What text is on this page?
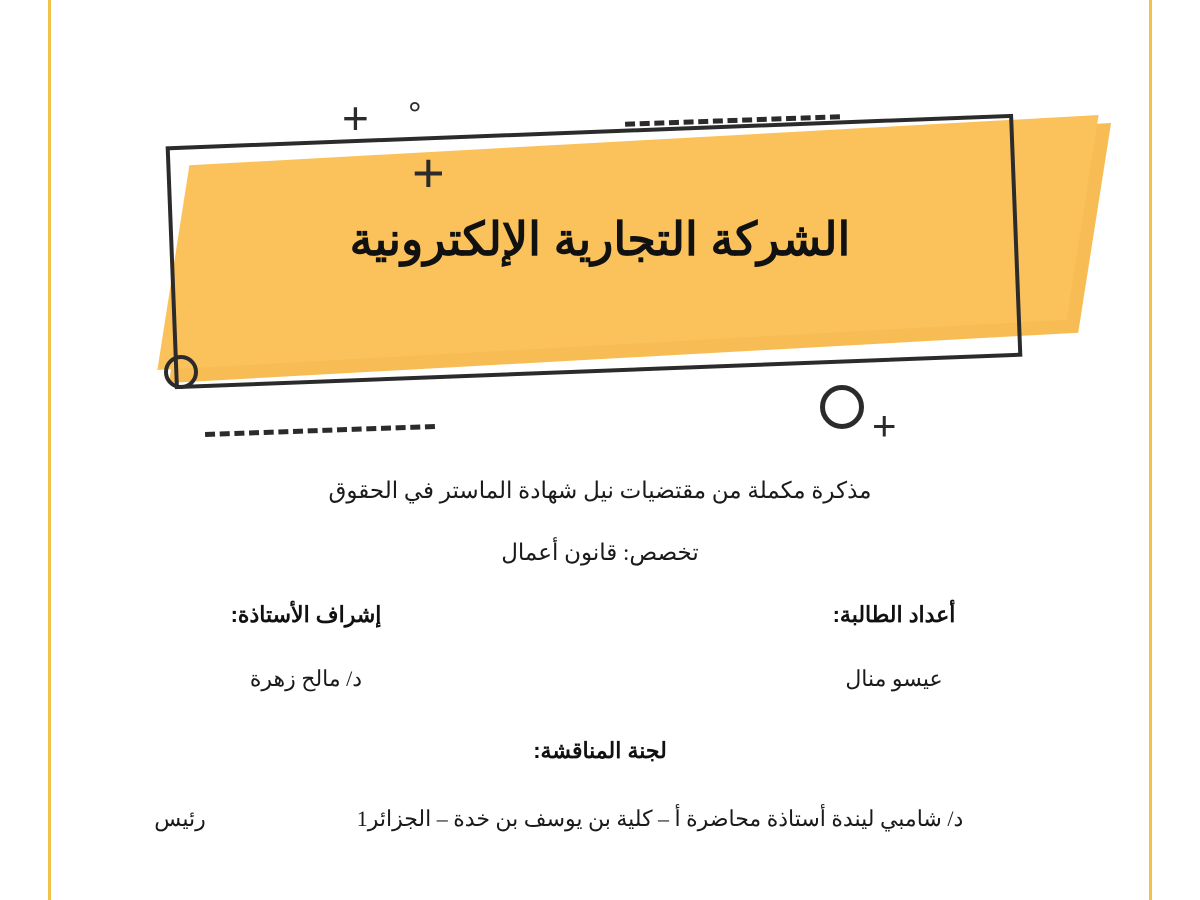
+ °
+
+
الشركة التجارية الإلكترونية
مذكرة مكملة من مقتضيات نيل شهادة الماستر في الحقوق
تخصص: قانون أعمال
أعداد الطالبة:
عيسو منال
إشراف الأستاذة:
د/ مالح زهرة
لجنة المناقشة:
د/ شامبي ليندة أستاذة محاضرة أ – كلية بن يوسف بن خدة – الجزائر1
رئيس
